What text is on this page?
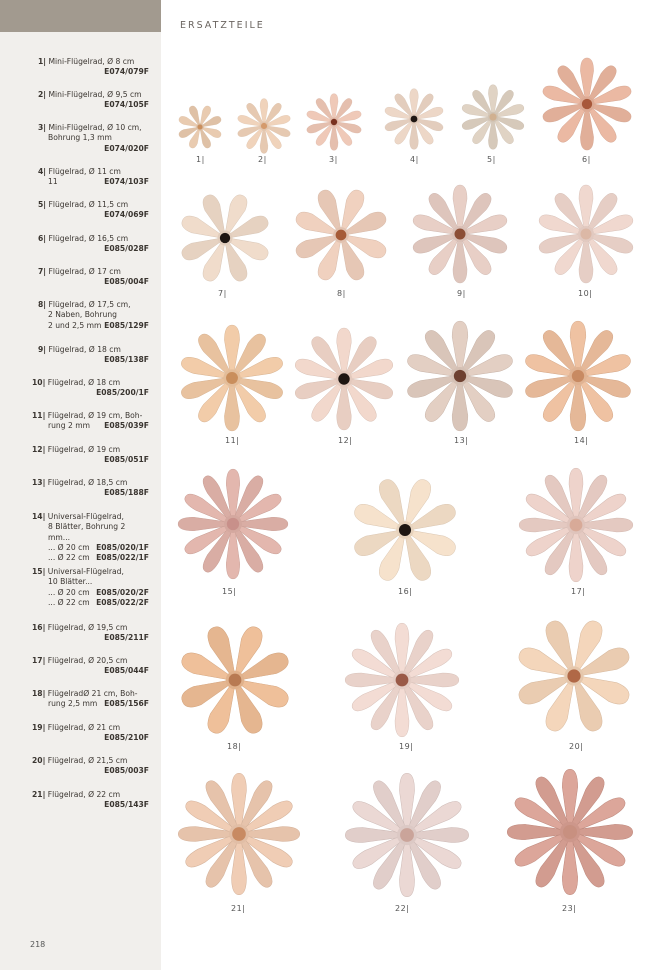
ERSATZTEILE
1| Mini-Flügelrad, Ø 8 cm
E074/079F
2| Mini-Flügelrad, Ø 9,5 cm
E074/105F
3| Mini-Flügelrad, Ø 10 cm,
Bohrung 1,3 mm
E074/020F
4| Flügelrad, Ø 11 cm
11	E074/103F
5| Flügelrad, Ø 11,5 cm
E074/069F
6| Flügelrad, Ø 16,5 cm
E085/028F
7| Flügelrad, Ø 17 cm
E085/004F
8| Flügelrad, Ø 17,5 cm,
2 Naben, Bohrung
2 und 2,5 mm E085/129F
9| Flügelrad, Ø 18 cm
E085/138F
10| Flügelrad, Ø 18 cm
E085/200/1F
11| Flügelrad, Ø 19 cm, Boh-
rung 2 mm E085/039F
12| Flügelrad, Ø 19 cm
E085/051F
13| Flügelrad, Ø 18,5 cm
E085/188F
14| Universal-Flügelrad,
8 Blätter, Bohrung 2 mm...
... Ø 20 cm E085/020/1F
... Ø 22 cm E085/022/1F
15| Universal-Flügelrad,
10 Blätter...
... Ø 20 cm E085/020/2F
... Ø 22 cm E085/022/2F
16| Flügelrad, Ø 19,5 cm
E085/211F
17| Flügelrad, Ø 20,5 cm
E085/044F
18| FlügelradØ 21 cm, Boh-
rung 2,5 mm E085/156F
19| Flügelrad, Ø 21 cm
E085/210F
20| Flügelrad, Ø 21,5 cm
E085/003F
21| Flügelrad, Ø 22 cm
E085/143F
218
1|	2|	3|	4|	5|	6|
7|	8|	9|	10|
11|	12|	13|	14|
15|	16|	17|
18|	19|	20|
21|	22|	23|
